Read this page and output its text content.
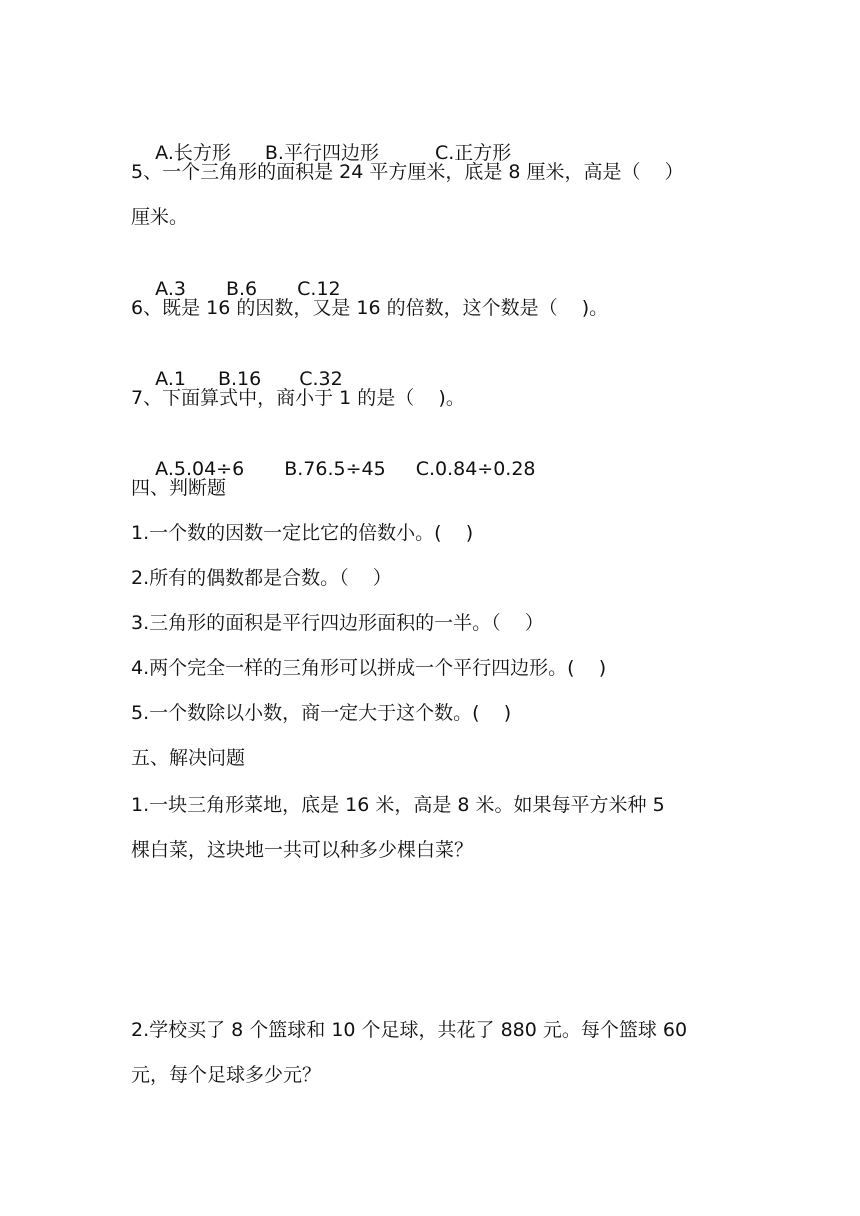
A.长方形 B.平行四边形	C.正方形

5、一个三角形的面积是 24 平方厘米，底是 8 厘米，高是（    ）
厘米。

A.3 B.6 C.12

6、既是 16 的因数，又是 16 的倍数，这个数是（    )。

A.1 B.16 C.32

7、下面算式中，商小于 1 的是（    )。

A.5.04÷6 B.76.5÷45 C.0.84÷0.28

四、判断题
1.一个数的因数一定比它的倍数小。(    )
2.所有的偶数都是合数。（    ）
3.三角形的面积是平行四边形面积的一半。（    ）
4.两个完全一样的三角形可以拼成一个平行四边形。(    )
5.一个数除以小数，商一定大于这个数。(    )
五、解决问题
1.一块三角形菜地，底是 16 米，高是 8 米。如果每平方米种 5
棵白菜，这块地一共可以种多少棵白菜？
2.学校买了 8 个篮球和 10 个足球，共花了 880 元。每个篮球 60
元，每个足球多少元？
